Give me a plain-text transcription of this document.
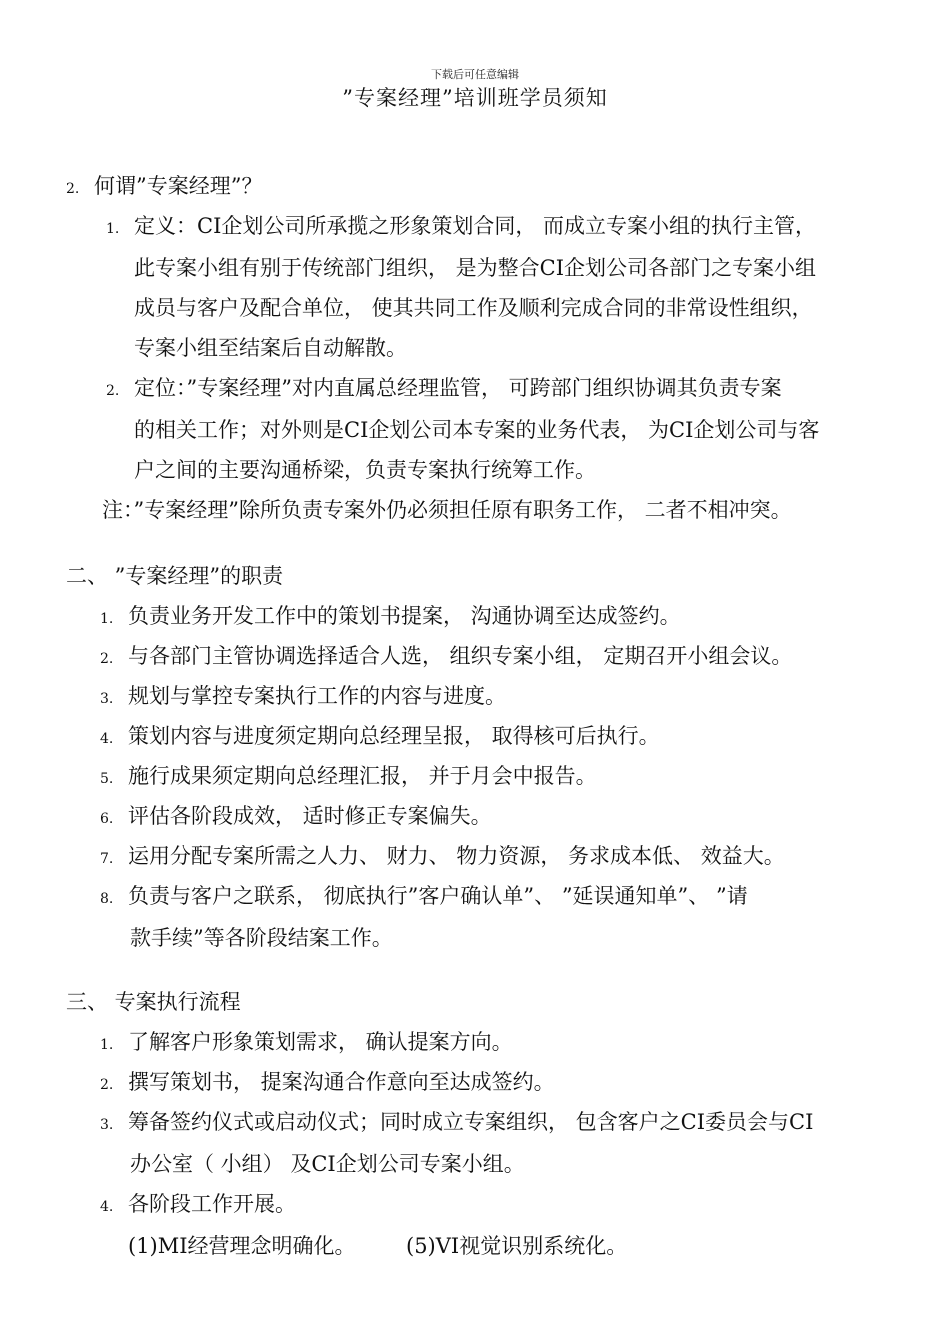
下载后可任意编辑
”专案经理”培训班学员须知
2. 何谓”专案经理”？
1. 定义：CI企划公司所承揽之形象策划合同， 而成立专案小组的执行主管，
此专案小组有别于传统部门组织， 是为整合CI企划公司各部门之专案小组
成员与客户及配合单位， 使其共同工作及顺利完成合同的非常设性组织，
专案小组至结案后自动解散。
2. 定位：”专案经理”对内直属总经理监管， 可跨部门组织协调其负责专案
的相关工作；对外则是CI企划公司本专案的业务代表， 为CI企划公司与客
户之间的主要沟通桥梁，负责专案执行统筹工作。
注：”专案经理”除所负责专案外仍必须担任原有职务工作， 二者不相冲突。
二、 ”专案经理”的职责
1. 负责业务开发工作中的策划书提案， 沟通协调至达成签约。
2. 与各部门主管协调选择适合人选， 组织专案小组， 定期召开小组会议。
3. 规划与掌控专案执行工作的内容与进度。
4. 策划内容与进度须定期向总经理呈报， 取得核可后执行。
5. 施行成果须定期向总经理汇报， 并于月会中报告。
6. 评估各阶段成效， 适时修正专案偏失。
7. 运用分配专案所需之人力、 财力、 物力资源， 务求成本低、 效益大。
8. 负责与客户之联系， 彻底执行”客户确认单”、 ”延误通知单”、 ”请
款手续”等各阶段结案工作。
三、 专案执行流程
1. 了解客户形象策划需求， 确认提案方向。
2. 撰写策划书， 提案沟通合作意向至达成签约。
3. 筹备签约仪式或启动仪式；同时成立专案组织， 包含客户之CI委员会与CI
办公室（ 小组） 及CI企划公司专案小组。
4. 各阶段工作开展。
(1)MI经营理念明确化。 (5)VI视觉识别系统化。
